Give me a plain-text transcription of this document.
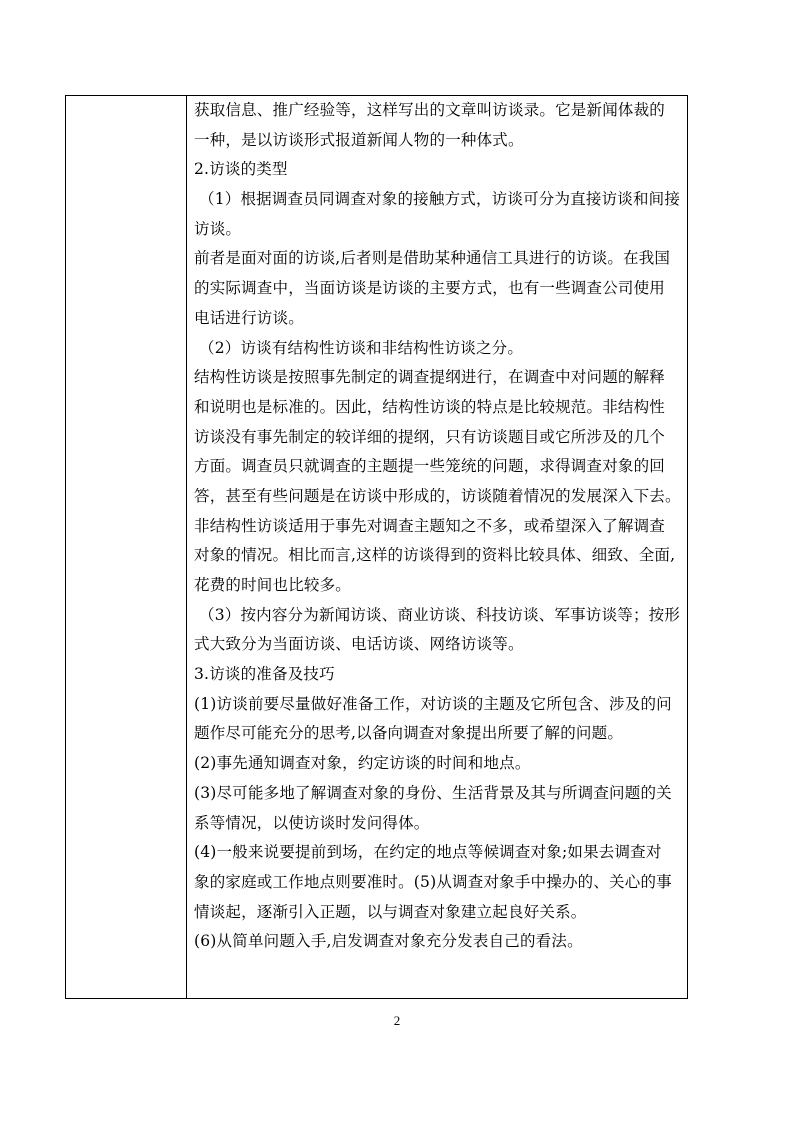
获取信息、推广经验等，这样写出的文章叫访谈录。它是新闻体裁的
一种，是以访谈形式报道新闻人物的一种体式。
2.访谈的类型
（1）根据调查员同调查对象的接触方式，访谈可分为直接访谈和间接
访谈。
前者是面对面的访谈,后者则是借助某种通信工具进行的访谈。在我国
的实际调查中，当面访谈是访谈的主要方式，也有一些调查公司使用
电话进行访谈。
（2）访谈有结构性访谈和非结构性访谈之分。
结构性访谈是按照事先制定的调查提纲进行，在调查中对问题的解释
和说明也是标准的。因此，结构性访谈的特点是比较规范。非结构性
访谈没有事先制定的较详细的提纲，只有访谈题目或它所涉及的几个
方面。调查员只就调查的主题提一些笼统的问题，求得调查对象的回
答，甚至有些问题是在访谈中形成的，访谈随着情况的发展深入下去。
非结构性访谈适用于事先对调查主题知之不多，或希望深入了解调查
对象的情况。相比而言,这样的访谈得到的资料比较具体、细致、全面,
花费的时间也比较多。
（3）按内容分为新闻访谈、商业访谈、科技访谈、军事访谈等；按形
式大致分为当面访谈、电话访谈、网络访谈等。
3.访谈的准备及技巧
(1)访谈前要尽量做好准备工作，对访谈的主题及它所包含、涉及的问
题作尽可能充分的思考,以备向调查对象提出所要了解的问题。
(2)事先通知调查对象，约定访谈的时间和地点。
(3)尽可能多地了解调查对象的身份、生活背景及其与所调查问题的关
系等情况，以使访谈时发问得体。
(4)一般来说要提前到场，在约定的地点等候调查对象;如果去调查对
象的家庭或工作地点则要准时。(5)从调查对象手中操办的、关心的事
情谈起，逐渐引入正题，以与调查对象建立起良好关系。
(6)从简单问题入手,启发调查对象充分发表自己的看法。
2
